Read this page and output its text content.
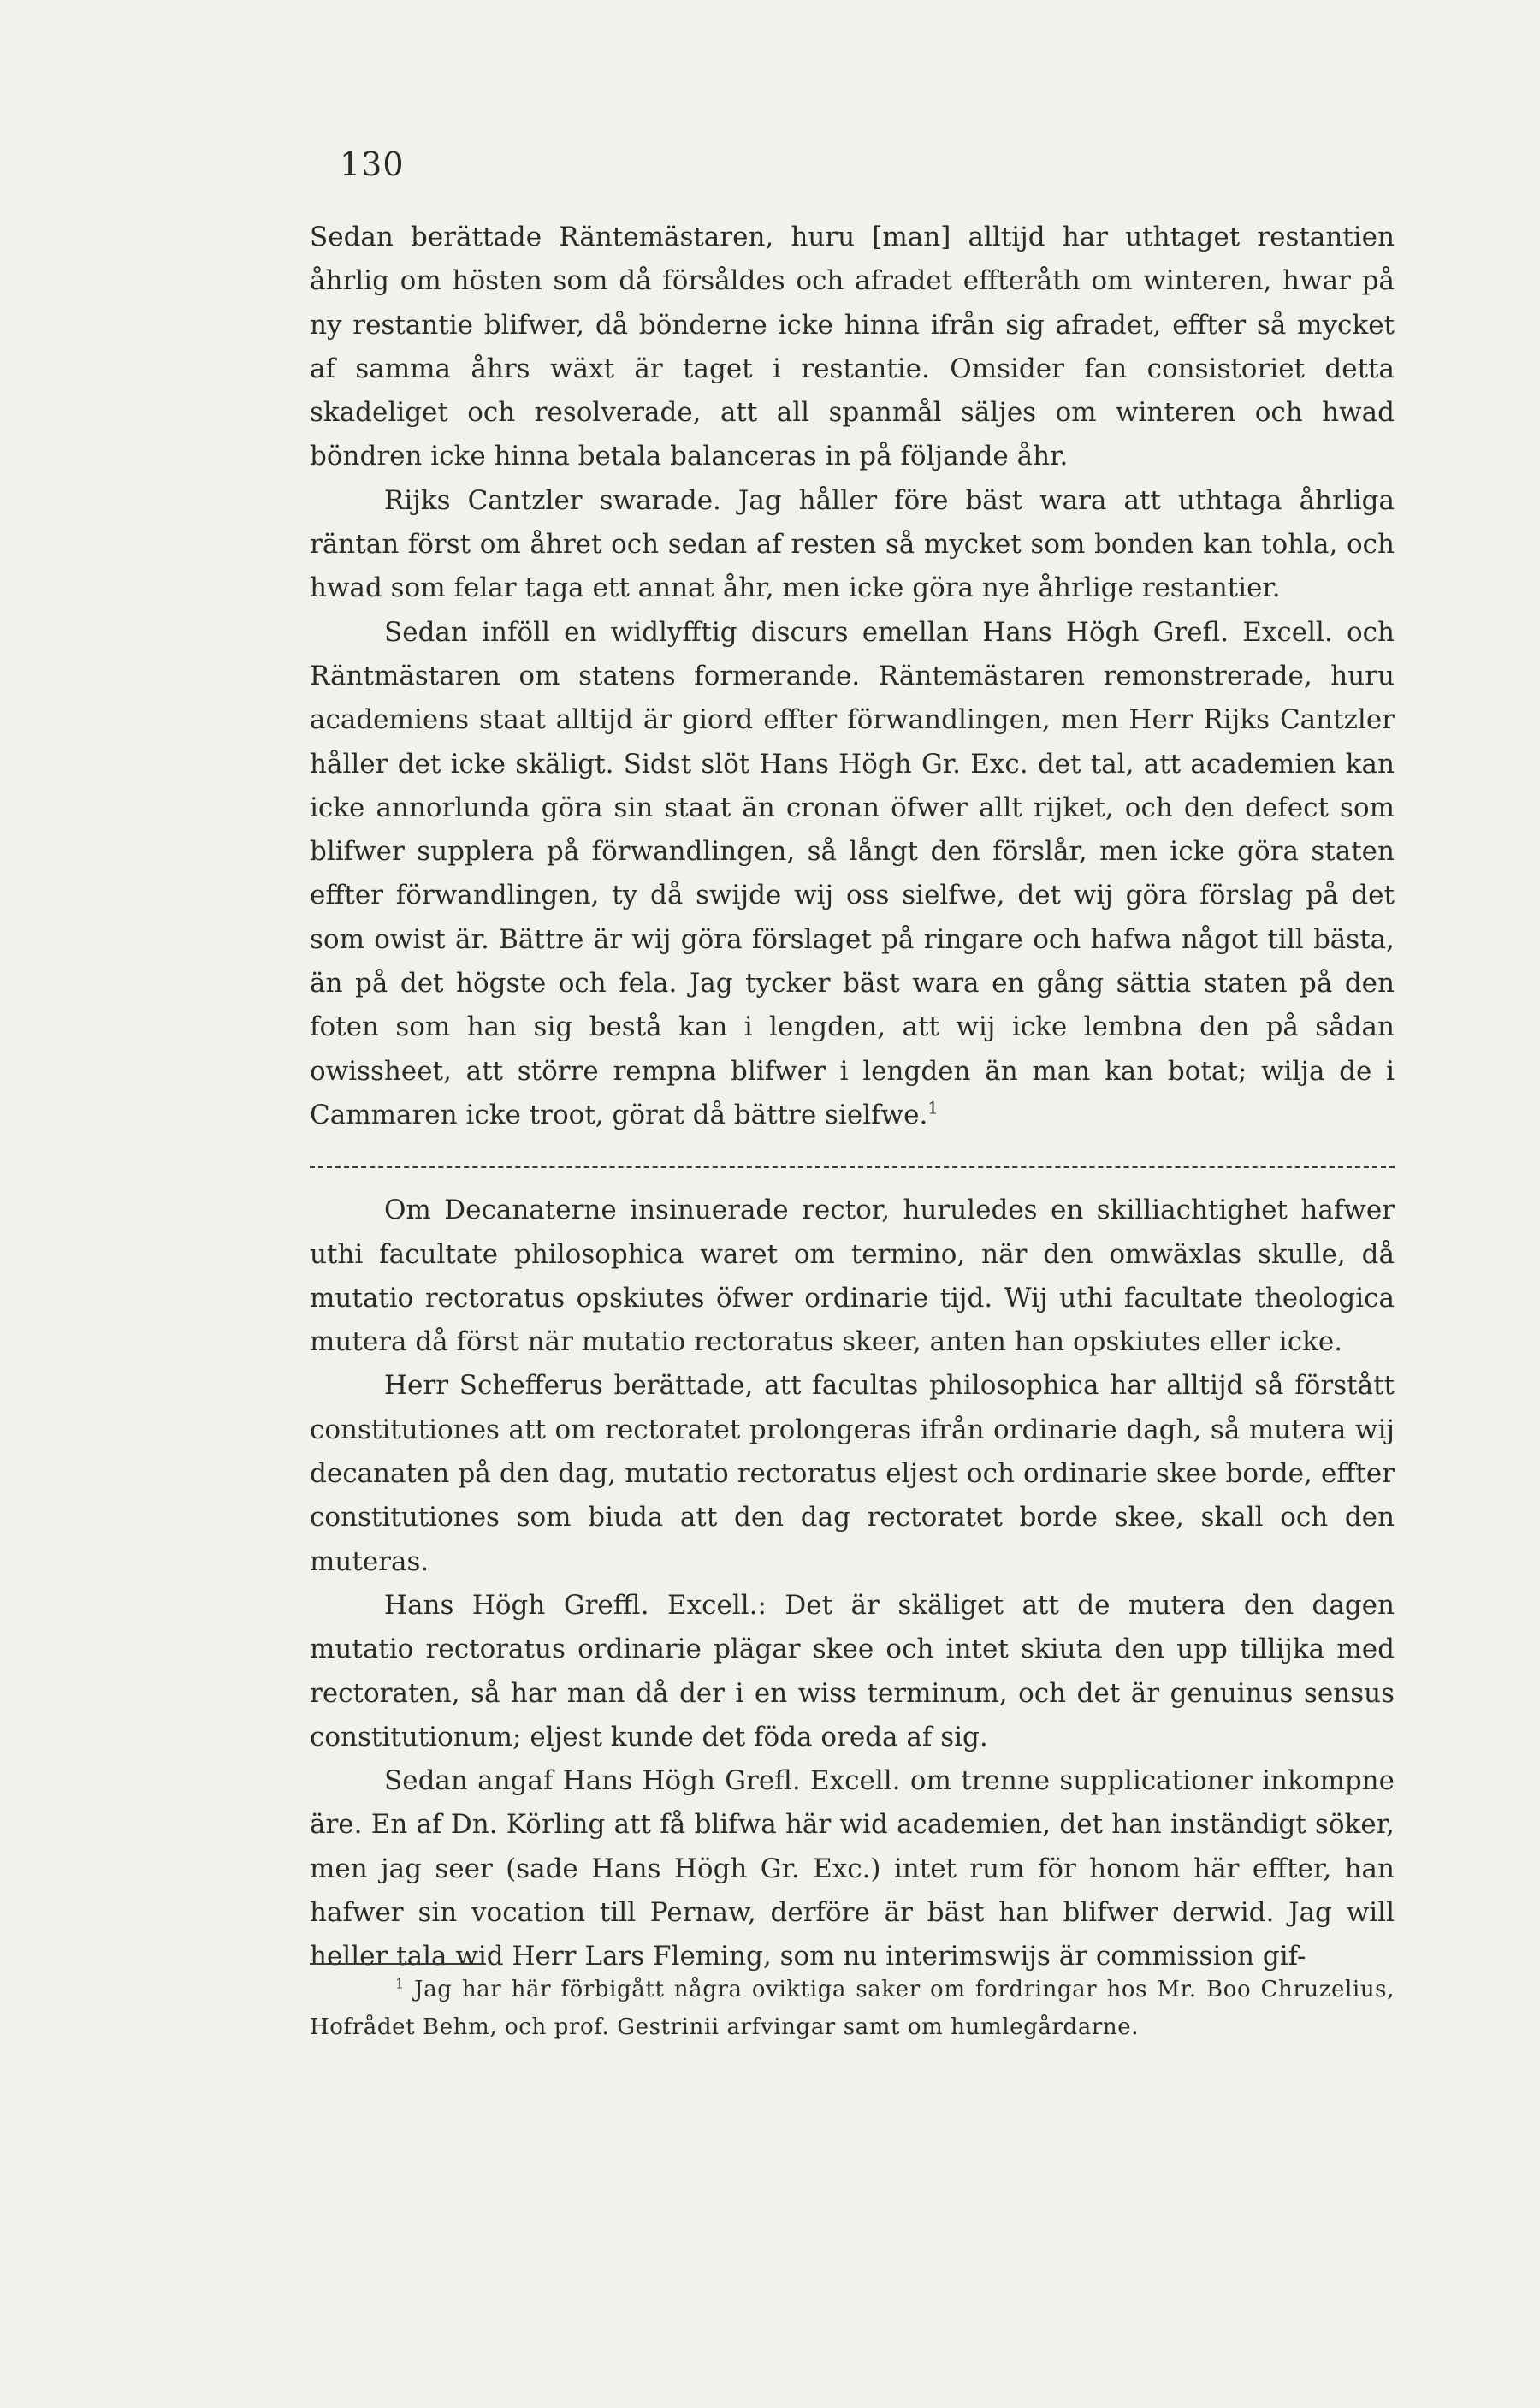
130

Sedan berättade Räntemästaren, huru [man] alltijd har uthtaget restantien åhrlig om hösten som då försåldes och afradet effteråth om winteren, hwar på ny restantie blifwer, då bönderne icke hinna ifrån sig afradet, effter så mycket af samma åhrs wäxt är taget i restantie. Omsider fan consistoriet detta skadeliget och resolverade, att all spanmål säljes om winteren och hwad böndren icke hinna betala balanceras in på följande åhr.

Rijks Cantzler swarade. Jag håller före bäst wara att uthtaga åhrliga räntan först om åhret och sedan af resten så mycket som bonden kan tohla, och hwad som felar taga ett annat åhr, men icke göra nye åhrlige restantier.

Sedan inföll en widlyfftig discurs emellan Hans Högh Grefl. Excell. och Räntmästaren om statens formerande. Räntemästaren remonstrerade, huru academiens staat alltijd är giord effter förwandlingen, men Herr Rijks Cantzler håller det icke skäligt. Sidst slöt Hans Högh Gr. Exc. det tal, att academien kan icke annorlunda göra sin staat än cronan öfwer allt rijket, och den defect som blifwer supplera på förwandlingen, så långt den förslår, men icke göra staten effter förwandlingen, ty då swijde wij oss sielfwe, det wij göra förslag på det som owist är. Bättre är wij göra förslaget på ringare och hafwa något till bästa, än på det högste och fela. Jag tycker bäst wara en gång sättia staten på den foten som han sig bestå kan i lengden, att wij icke lembna den på sådan owissheet, att större rempna blifwer i lengden än man kan botat; wilja de i Cammaren icke troot, görat då bättre sielfwe.$^1$

Om Decanaterne insinuerade rector, huruledes en skilliachtighet hafwer uthi facultate philosophica waret om termino, när den omwäxlas skulle, då mutatio rectoratus opskiutes öfwer ordinarie tijd. Wij uthi facultate theologica mutera då först när mutatio rectoratus skeer, anten han opskiutes eller icke.

Herr Schefferus berättade, att facultas philosophica har alltijd så förstått constitutiones att om rectoratet prolongeras ifrån ordinarie dagh, så mutera wij decanaten på den dag, mutatio rectoratus eljest och ordinarie skee borde, effter constitutiones som biuda att den dag rectoratet borde skee, skall och den muteras.

Hans Högh Greffl. Excell.: Det är skäliget att de mutera den dagen mutatio rectoratus ordinarie plägar skee och intet skiuta den upp tillijka med rectoraten, så har man då der i en wiss terminum, och det är genuinus sensus constitutionum; eljest kunde det föda oreda af sig.

Sedan angaf Hans Högh Grefl. Excell. om trenne supplicationer inkompne äre. En af Dn. Körling att få blifwa här wid academien, det han inständigt söker, men jag seer (sade Hans Högh Gr. Exc.) intet rum för honom här effter, han hafwer sin vocation till Pernaw, derföre är bäst han blifwer derwid. Jag will heller tala wid Herr Lars Fleming, som nu interimswijs är commission gif-

$^1$ Jag har här förbigått några oviktiga saker om fordringar hos Mr. Boo Chruzelius, Hofrådet Behm, och prof. Gestrinii arfvingar samt om humlegårdarne.
